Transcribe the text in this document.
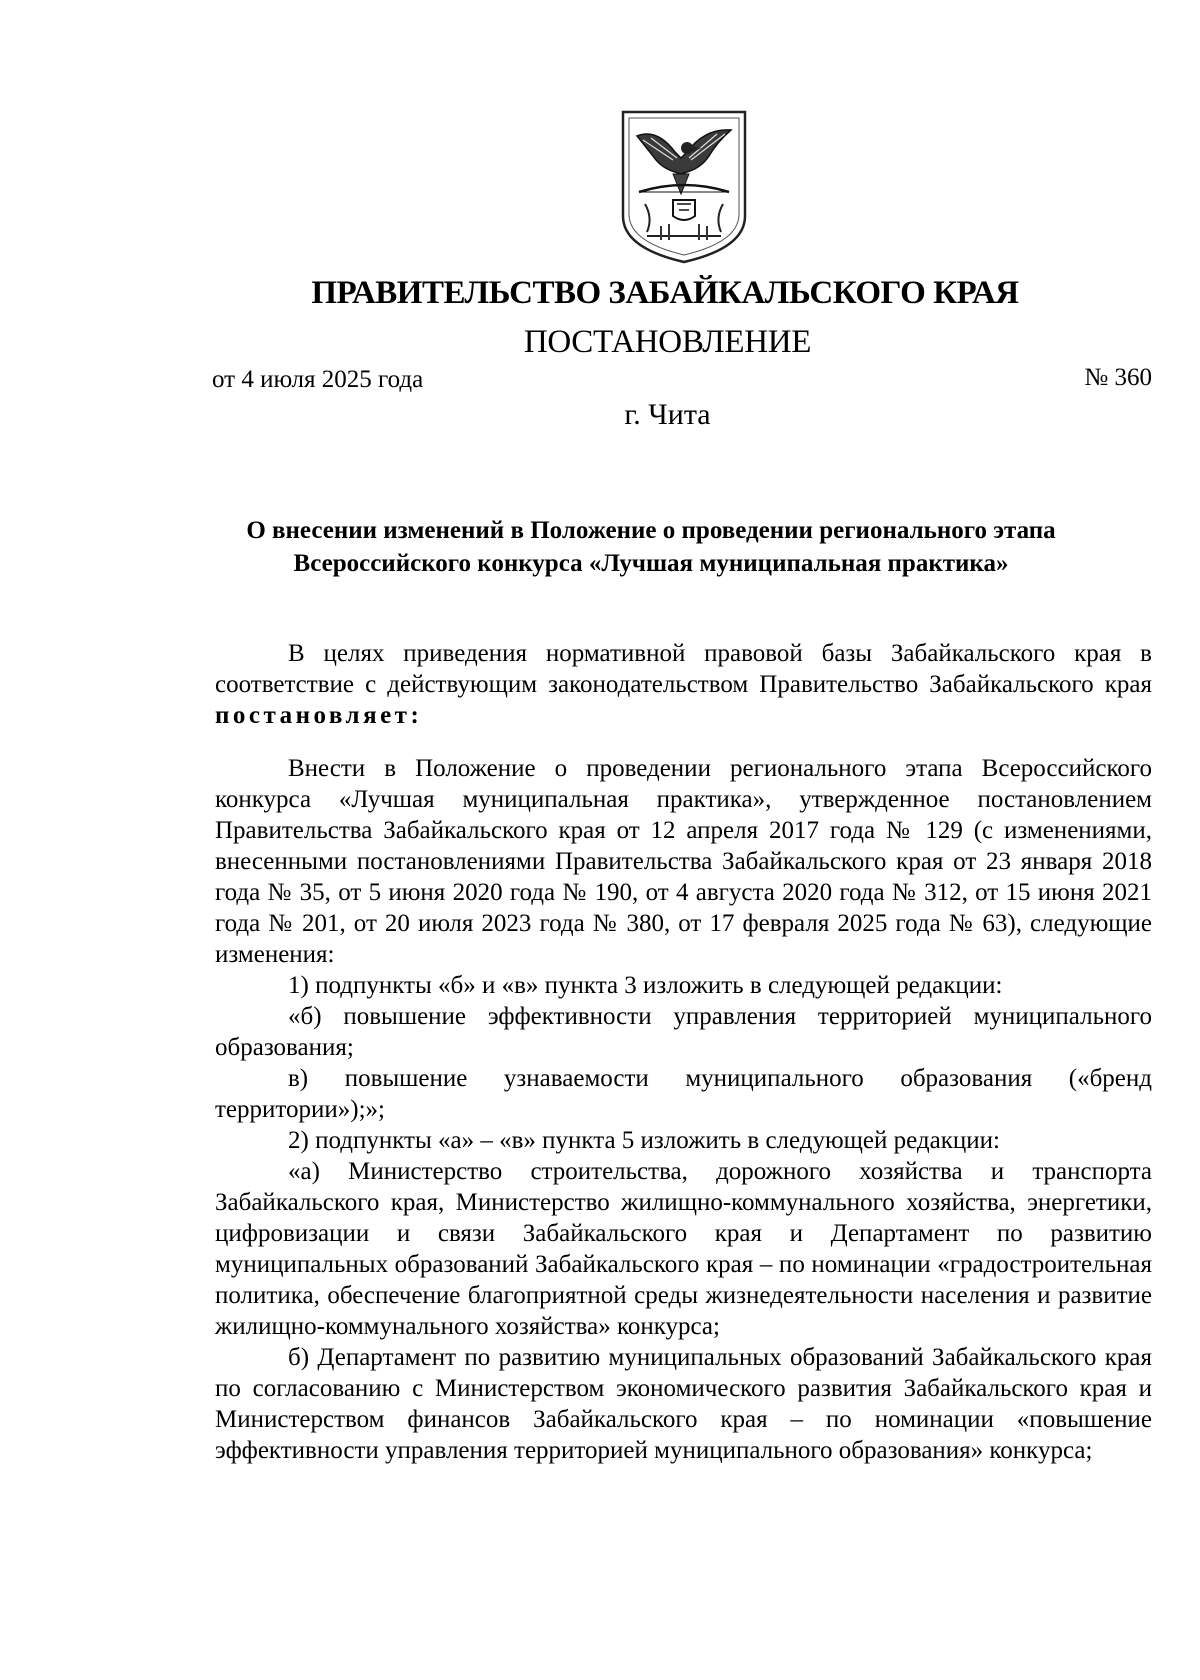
ПРАВИТЕЛЬСТВО ЗАБАЙКАЛЬСКОГО КРАЯ
ПОСТАНОВЛЕНИЕ
от 4 июля 2025 года	№ 360
г. Чита
О внесении изменений в Положение о проведении регионального этапа
Всероссийского конкурса «Лучшая муниципальная практика»

В целях приведения нормативной правовой базы Забайкальского края в соответствие с действующим законодательством Правительство Забайкальского края постановляет:

Внести в Положение о проведении регионального этапа Всероссийского конкурса «Лучшая муниципальная практика», утвержденное постановлением Правительства Забайкальского края от 12 апреля 2017 года № 129 (с изменениями, внесенными постановлениями Правительства Забайкальского края от 23 января 2018 года № 35, от 5 июня 2020 года № 190, от 4 августа 2020 года № 312, от 15 июня 2021 года № 201, от 20 июля 2023 года № 380, от 17 февраля 2025 года № 63), следующие изменения:

1) подпункты «б» и «в» пункта 3 изложить в следующей редакции:

«б) повышение эффективности управления территорией муниципального образования;

в) повышение узнаваемости муниципального образования («бренд территории»);»;

2) подпункты «а» – «в» пункта 5 изложить в следующей редакции:

«а) Министерство строительства, дорожного хозяйства и транспорта Забайкальского края, Министерство жилищно-коммунального хозяйства, энергетики, цифровизации и связи Забайкальского края и Департамент по развитию муниципальных образований Забайкальского края – по номинации «градостроительная политика, обеспечение благоприятной среды жизнедеятельности населения и развитие жилищно-коммунального хозяйства» конкурса;

б) Департамент по развитию муниципальных образований Забайкальского края по согласованию с Министерством экономического развития Забайкальского края и Министерством финансов Забайкальского края – по номинации «повышение эффективности управления территорией муниципального образования» конкурса;
